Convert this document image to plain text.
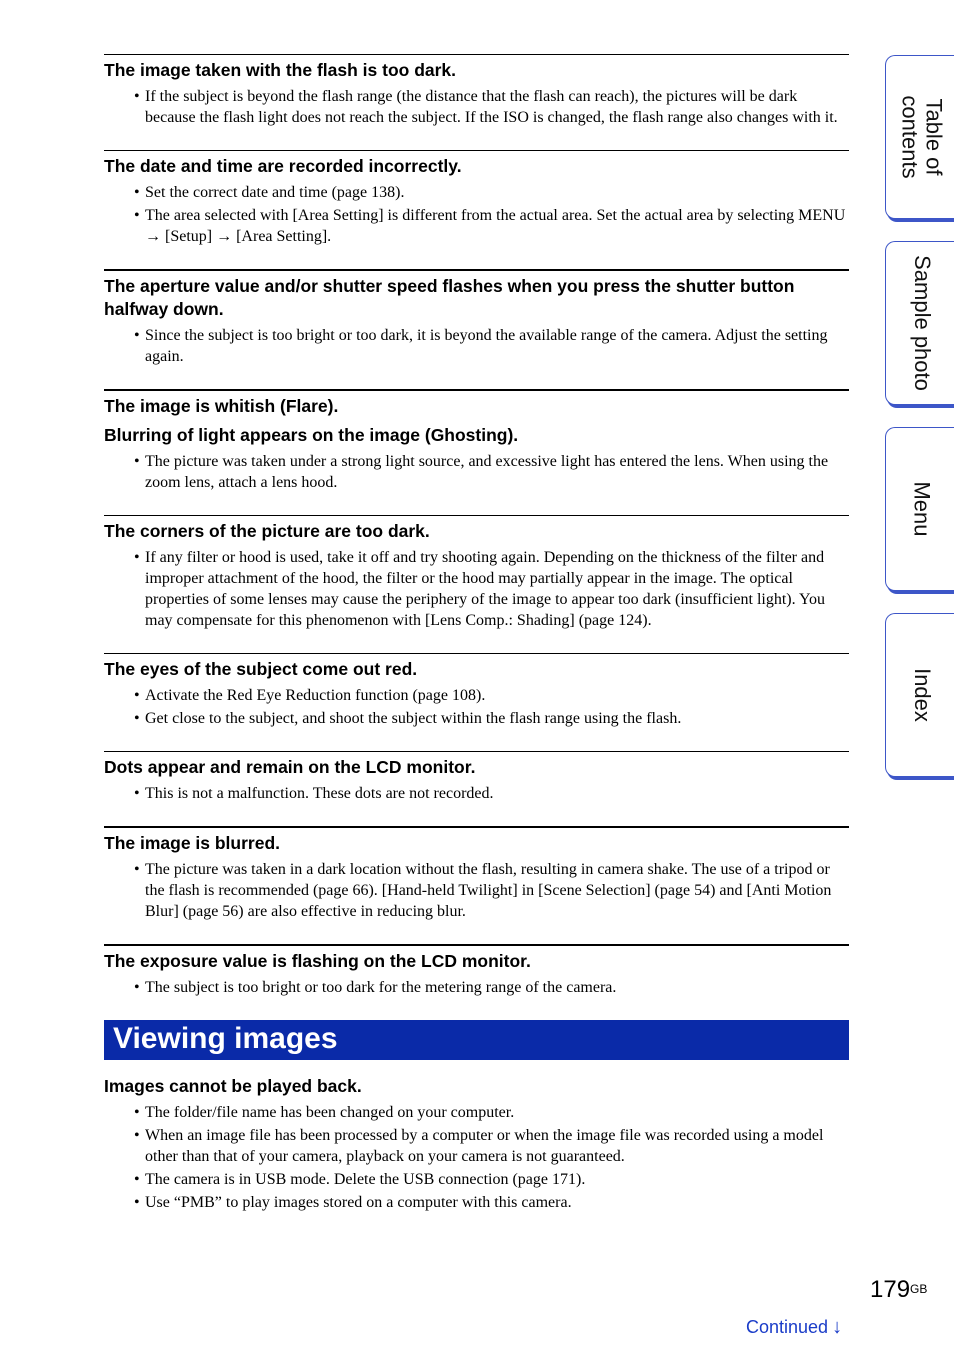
The image taken with the flash is too dark.
• If the subject is beyond the flash range (the distance that the flash can reach), the pictures will be dark because the flash light does not reach the subject. If the ISO is changed, the flash range also changes with it.
The date and time are recorded incorrectly.
• Set the correct date and time (page 138).
• The area selected with [Area Setting] is different from the actual area. Set the actual area by selecting MENU → [Setup] → [Area Setting].
The aperture value and/or shutter speed flashes when you press the shutter button halfway down.
• Since the subject is too bright or too dark, it is beyond the available range of the camera. Adjust the setting again.
The image is whitish (Flare).
Blurring of light appears on the image (Ghosting).
• The picture was taken under a strong light source, and excessive light has entered the lens. When using the zoom lens, attach a lens hood.
The corners of the picture are too dark.
• If any filter or hood is used, take it off and try shooting again. Depending on the thickness of the filter and improper attachment of the hood, the filter or the hood may partially appear in the image. The optical properties of some lenses may cause the periphery of the image to appear too dark (insufficient light). You may compensate for this phenomenon with [Lens Comp.: Shading] (page 124).
The eyes of the subject come out red.
• Activate the Red Eye Reduction function (page 108).
• Get close to the subject, and shoot the subject within the flash range using the flash.
Dots appear and remain on the LCD monitor.
• This is not a malfunction. These dots are not recorded.
The image is blurred.
• The picture was taken in a dark location without the flash, resulting in camera shake. The use of a tripod or the flash is recommended (page 66). [Hand-held Twilight] in [Scene Selection] (page 54) and [Anti Motion Blur] (page 56) are also effective in reducing blur.
The exposure value is flashing on the LCD monitor.
• The subject is too bright or too dark for the metering range of the camera.
Viewing images
Images cannot be played back.
• The folder/file name has been changed on your computer.
• When an image file has been processed by a computer or when the image file was recorded using a model other than that of your camera, playback on your camera is not guaranteed.
• The camera is in USB mode. Delete the USB connection (page 171).
• Use “PMB” to play images stored on a computer with this camera.
Table of contents
Sample photo
Menu
Index
$179^{GB}$
Continued ↓
